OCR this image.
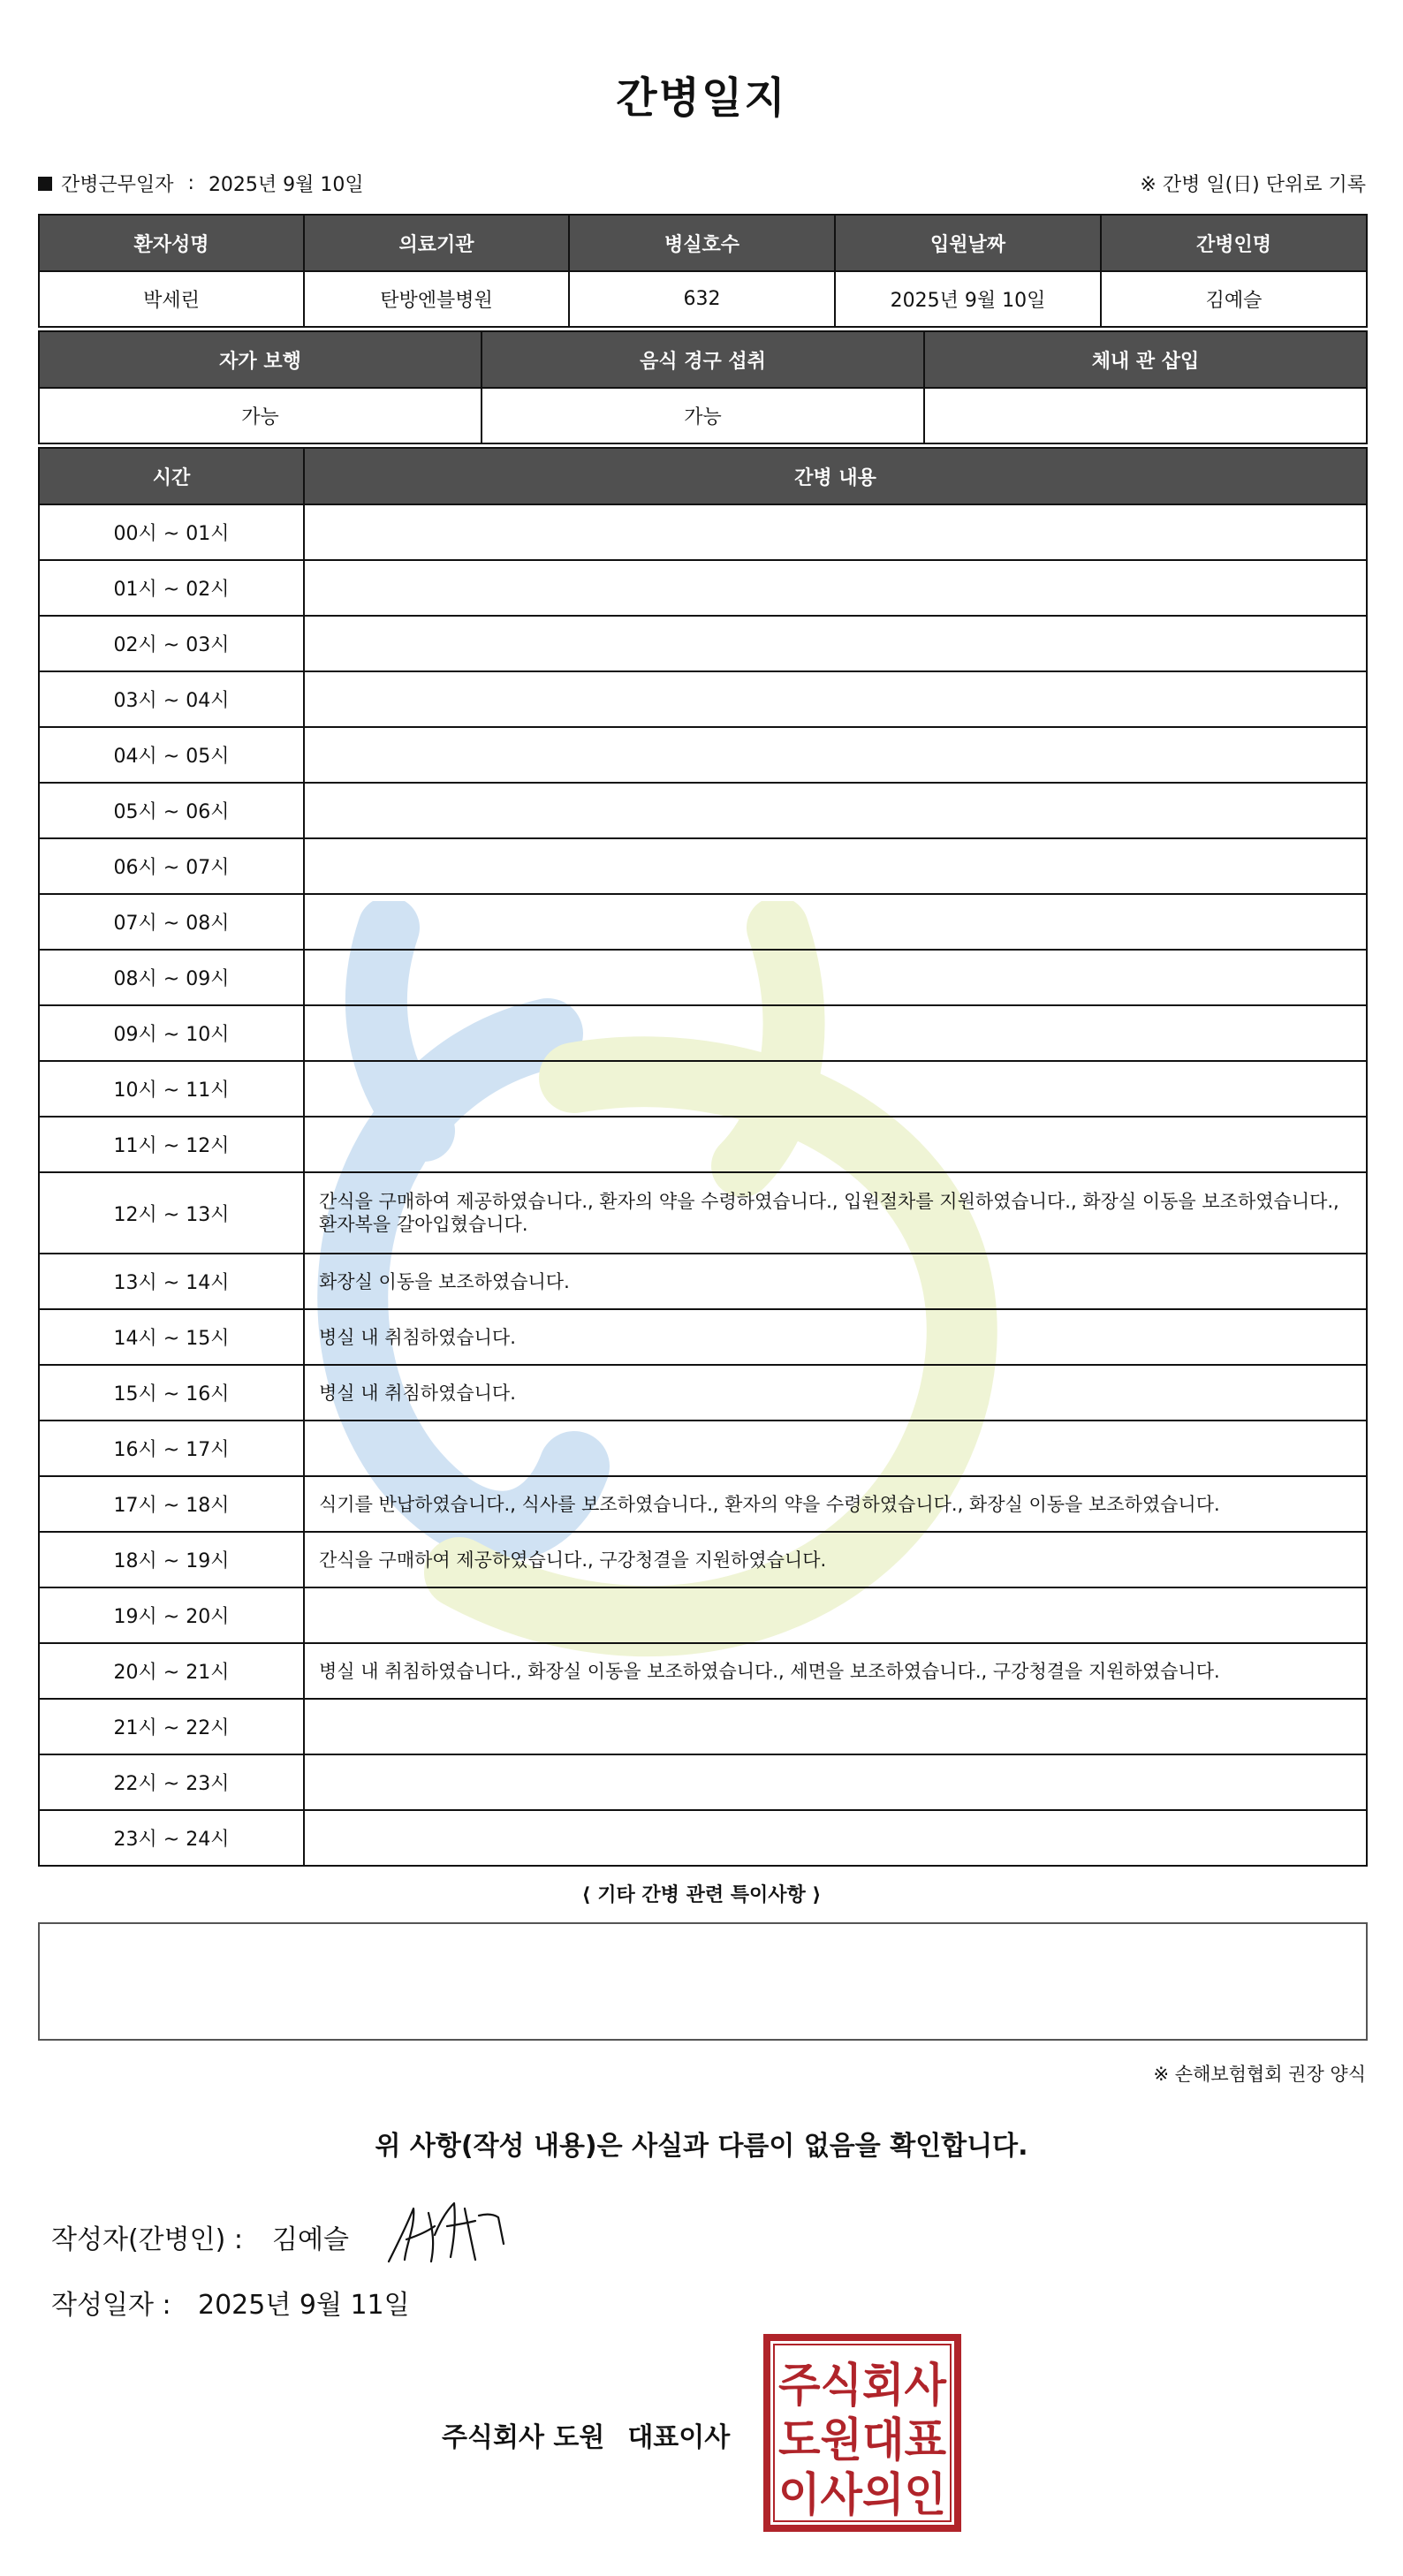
간병일지
간병근무일자 : 2025년 9월 10일	※ 간병 일(日) 단위로 기록
환자성명	의료기관	병실호수	입원날짜	간병인명
박세린	탄방엔블병원	632	2025년 9월 10일	김예슬
자가 보행	음식 경구 섭취	체내 관 삽입
가능	가능	
시간	간병 내용
00시 ~ 01시	
01시 ~ 02시	
02시 ~ 03시	
03시 ~ 04시	
04시 ~ 05시	
05시 ~ 06시	
06시 ~ 07시	
07시 ~ 08시	
08시 ~ 09시	
09시 ~ 10시	
10시 ~ 11시	
11시 ~ 12시	
12시 ~ 13시	간식을 구매하여 제공하였습니다., 환자의 약을 수령하였습니다., 입원절차를 지원하였습니다., 화장실 이동을 보조하였습니다., 환자복을 갈아입혔습니다.
13시 ~ 14시	화장실 이동을 보조하였습니다.
14시 ~ 15시	병실 내 취침하였습니다.
15시 ~ 16시	병실 내 취침하였습니다.
16시 ~ 17시	
17시 ~ 18시	식기를 반납하였습니다., 식사를 보조하였습니다., 환자의 약을 수령하였습니다., 화장실 이동을 보조하였습니다.
18시 ~ 19시	간식을 구매하여 제공하였습니다., 구강청결을 지원하였습니다.
19시 ~ 20시	
20시 ~ 21시	병실 내 취침하였습니다., 화장실 이동을 보조하였습니다., 세면을 보조하였습니다., 구강청결을 지원하였습니다.
21시 ~ 22시	
22시 ~ 23시	
23시 ~ 24시	
⟨ 기타 간병 관련 특이사항 ⟩
※ 손해보험협회 권장 양식
위 사항(작성 내용)은 사실과 다름이 없음을 확인합니다.
작성자(간병인) :	김예슬
작성일자 :	2025년 9월 11일
주식회사 도원 대표이사
주식회사
도원대표
이사의인
